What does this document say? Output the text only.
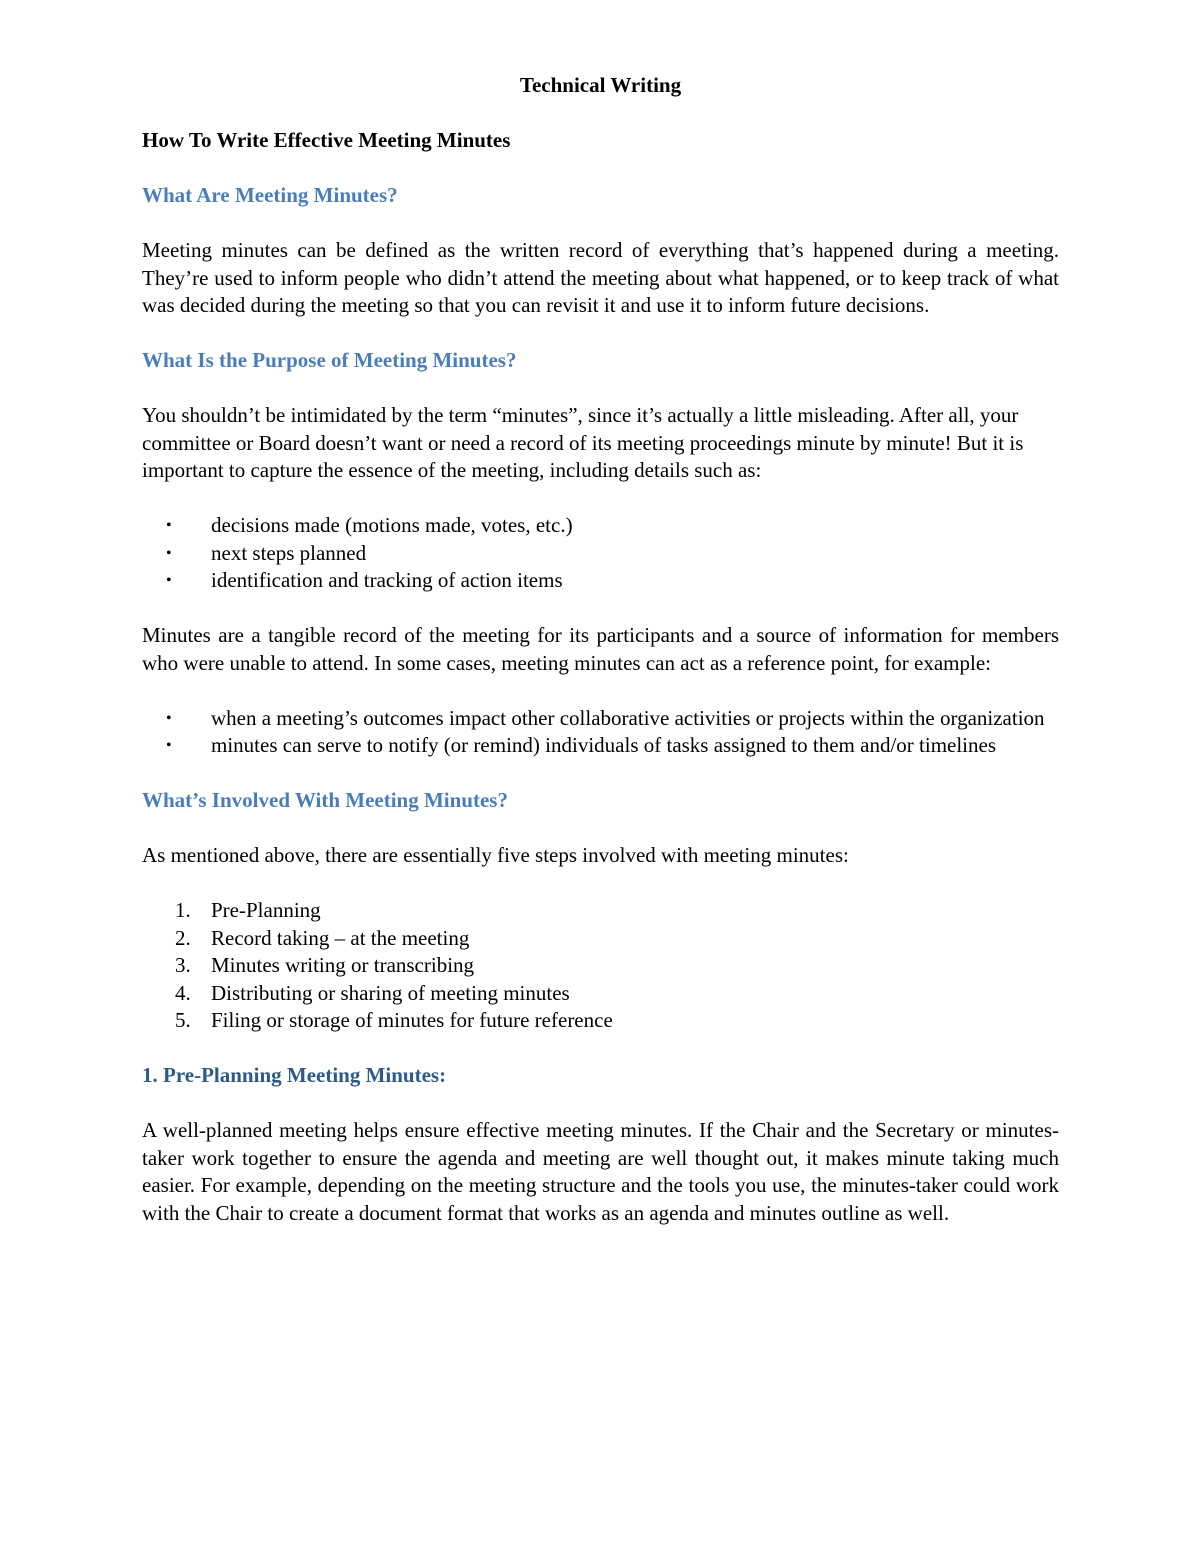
Technical Writing

How To Write Effective Meeting Minutes

What Are Meeting Minutes?

Meeting minutes can be defined as the written record of everything that’s happened during a meeting. They’re used to inform people who didn’t attend the meeting about what happened, or to keep track of what was decided during the meeting so that you can revisit it and use it to inform future decisions.

What Is the Purpose of Meeting Minutes?

You shouldn’t be intimidated by the term “minutes”, since it’s actually a little misleading. After all, your committee or Board doesn’t want or need a record of its meeting proceedings minute by minute! But it is important to capture the essence of the meeting, including details such as:

• decisions made (motions made, votes, etc.)
• next steps planned
• identification and tracking of action items

Minutes are a tangible record of the meeting for its participants and a source of information for members who were unable to attend. In some cases, meeting minutes can act as a reference point, for example:

• when a meeting’s outcomes impact other collaborative activities or projects within the organization
• minutes can serve to notify (or remind) individuals of tasks assigned to them and/or timelines

What’s Involved With Meeting Minutes?

As mentioned above, there are essentially five steps involved with meeting minutes:

1. Pre-Planning
2. Record taking – at the meeting
3. Minutes writing or transcribing
4. Distributing or sharing of meeting minutes
5. Filing or storage of minutes for future reference

1. Pre-Planning Meeting Minutes:

A well-planned meeting helps ensure effective meeting minutes. If the Chair and the Secretary or minutes-taker work together to ensure the agenda and meeting are well thought out, it makes minute taking much easier. For example, depending on the meeting structure and the tools you use, the minutes-taker could work with the Chair to create a document format that works as an agenda and minutes outline as well.
